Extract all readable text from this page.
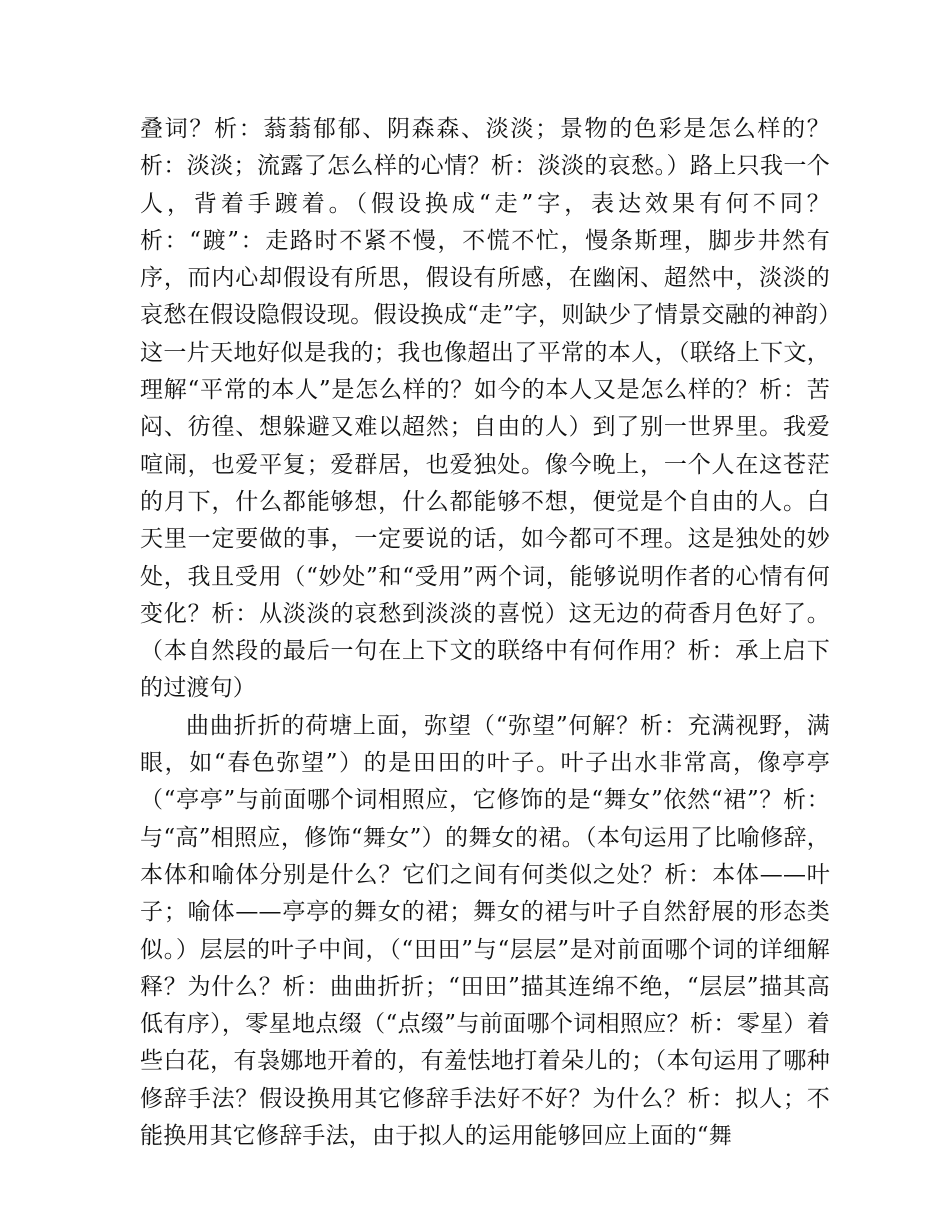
叠词？析：蓊蓊郁郁、阴森森、淡淡；景物的色彩是怎么样的？析：淡淡；流露了怎么样的心情？析：淡淡的哀愁。）路上只我一个人，背着手踱着。（假设换成“走”字，表达效果有何不同？析：“踱”：走路时不紧不慢，不慌不忙，慢条斯理，脚步井然有序，而内心却假设有所思，假设有所感，在幽闲、超然中，淡淡的哀愁在假设隐假设现。假设换成“走”字，则缺少了情景交融的神韵）这一片天地好似是我的；我也像超出了平常的本人，（联络上下文，理解“平常的本人”是怎么样的？如今的本人又是怎么样的？析：苦闷、彷徨、想躲避又难以超然；自由的人）到了别一世界里。我爱喧闹，也爱平复；爱群居，也爱独处。像今晚上，一个人在这苍茫的月下，什么都能够想，什么都能够不想，便觉是个自由的人。白天里一定要做的事，一定要说的话，如今都可不理。这是独处的妙处，我且受用（“妙处”和“受用”两个词，能够说明作者的心情有何变化？析：从淡淡的哀愁到淡淡的喜悦）这无边的荷香月色好了。（本自然段的最后一句在上下文的联络中有何作用？析：承上启下的过渡句）

曲曲折折的荷塘上面，弥望（“弥望”何解？析：充满视野，满眼，如“春色弥望”）的是田田的叶子。叶子出水非常高，像亭亭（“亭亭”与前面哪个词相照应，它修饰的是“舞女”依然“裙”？析：与“高”相照应，修饰“舞女”）的舞女的裙。（本句运用了比喻修辞，本体和喻体分别是什么？它们之间有何类似之处？析：本体——叶子；喻体——亭亭的舞女的裙；舞女的裙与叶子自然舒展的形态类似。）层层的叶子中间，（“田田”与“层层”是对前面哪个词的详细解释？为什么？析：曲曲折折；“田田”描其连绵不绝，“层层”描其高低有序），零星地点缀（“点缀”与前面哪个词相照应？析：零星）着些白花，有袅娜地开着的，有羞怯地打着朵儿的；（本句运用了哪种修辞手法？假设换用其它修辞手法好不好？为什么？析：拟人；不能换用其它修辞手法，由于拟人的运用能够回应上面的“舞
